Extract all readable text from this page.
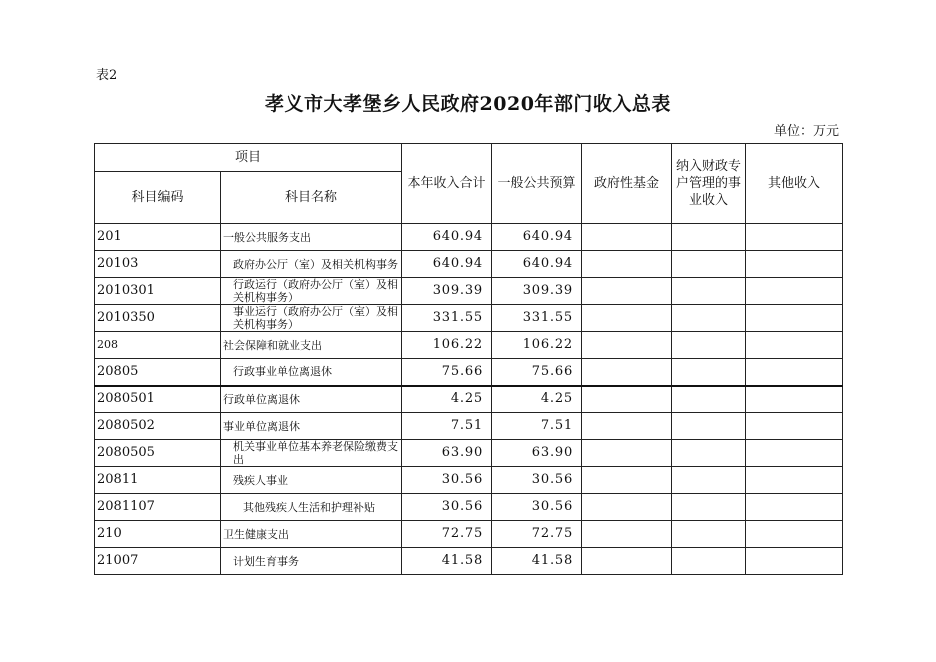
表2
孝义市大孝堡乡人民政府2020年部门收入总表
单位：万元
项目		本年收入合计	一般公共预算	政府性基金	纳入财政专户管理的事业收入	其他收入
科目编码	科目名称					
201	一般公共服务支出	640.94	640.94			
20103	政府办公厅（室）及相关机构事务	640.94	640.94			
2010301	行政运行（政府办公厅（室）及相关机构事务）	309.39	309.39			
2010350	事业运行（政府办公厅（室）及相关机构事务）	331.55	331.55			
208	社会保障和就业支出	106.22	106.22			
20805	行政事业单位离退休	75.66	75.66			
2080501	行政单位离退休	4.25	4.25			
2080502	事业单位离退休	7.51	7.51			
2080505	机关事业单位基本养老保险缴费支出	63.90	63.90			
20811	残疾人事业	30.56	30.56			
2081107	其他残疾人生活和护理补贴	30.56	30.56			
210	卫生健康支出	72.75	72.75			
21007	计划生育事务	41.58	41.58			
